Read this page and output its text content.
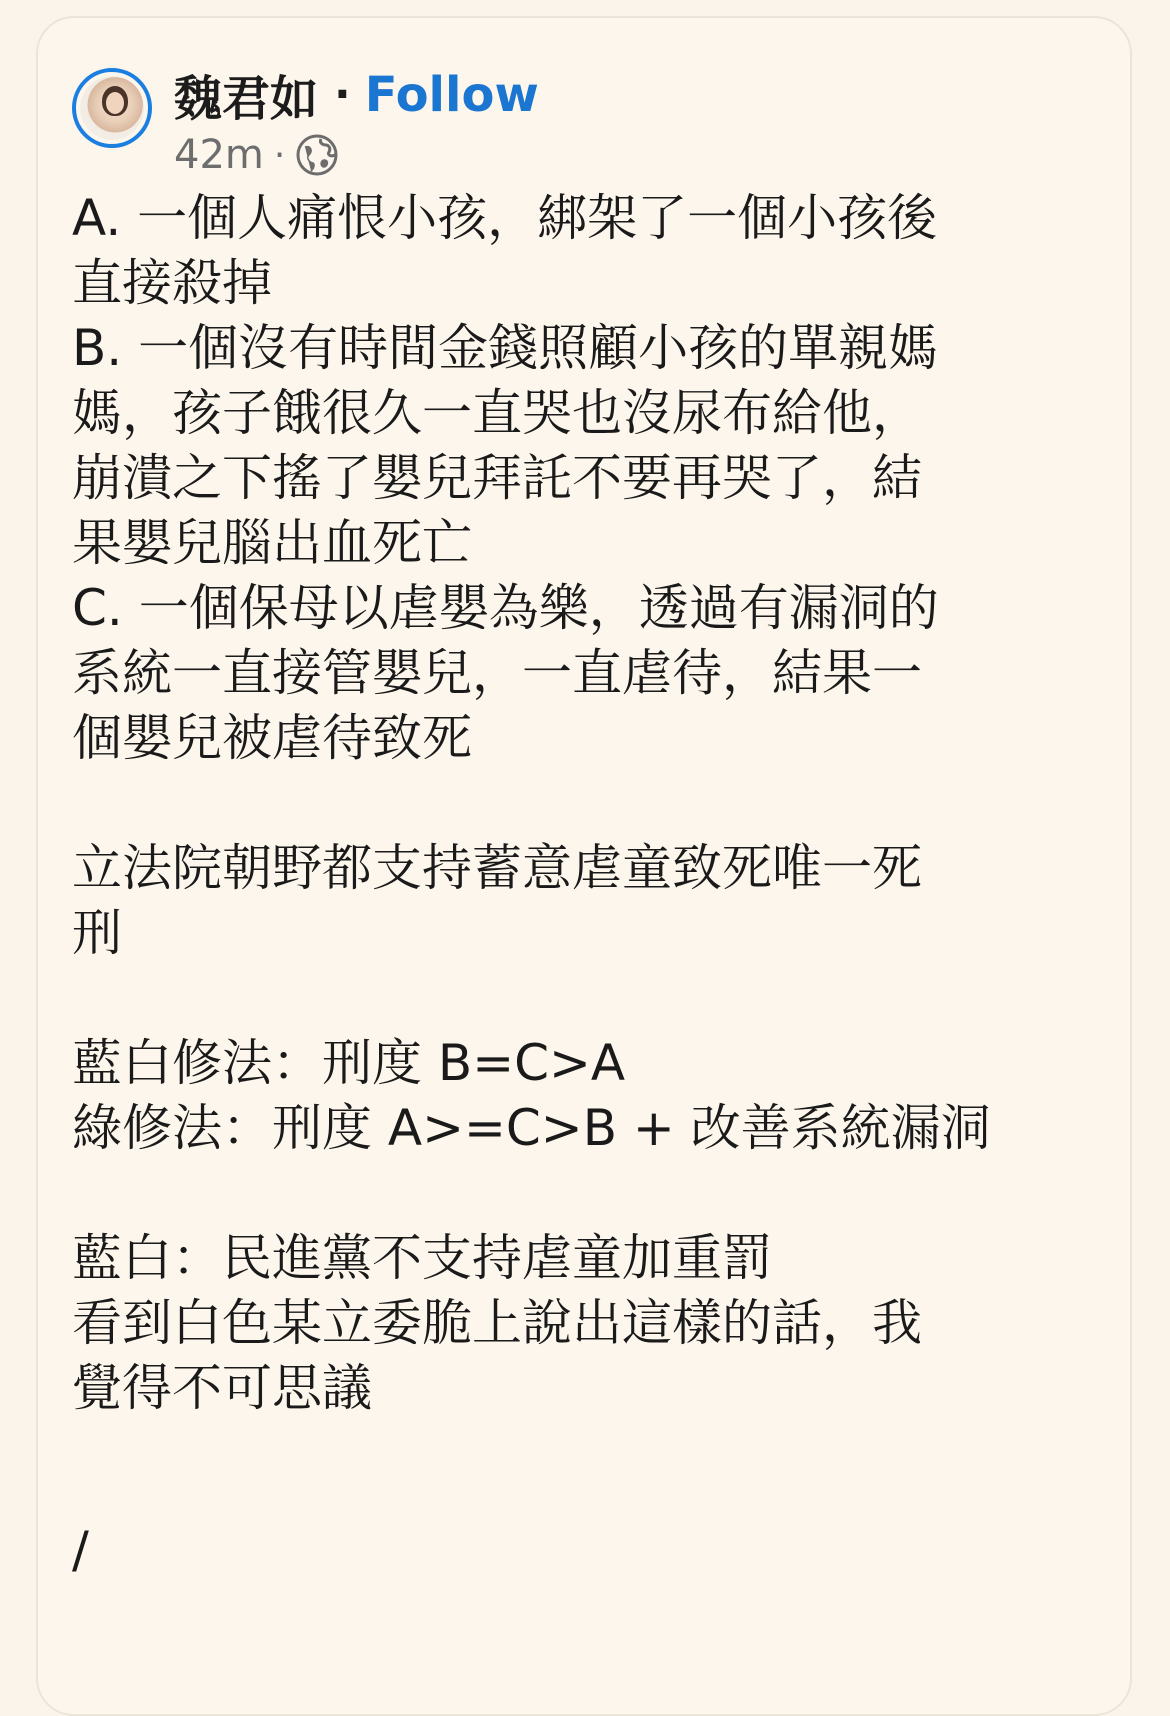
魏君如 · Follow
42m ·

A. 一個人痛恨小孩，綁架了一個小孩後

直接殺掉

B. 一個沒有時間金錢照顧小孩的單親媽

媽，孩子餓很久一直哭也沒尿布給他，

崩潰之下搖了嬰兒拜託不要再哭了，結

果嬰兒腦出血死亡

C. 一個保母以虐嬰為樂，透過有漏洞的

系統一直接管嬰兒，一直虐待，結果一

個嬰兒被虐待致死

立法院朝野都支持蓄意虐童致死唯一死

刑

藍白修法：刑度 B=C>A

綠修法：刑度 A>=C>B + 改善系統漏洞

藍白：民進黨不支持虐童加重罰

看到白色某立委脆上說出這樣的話，我

覺得不可思議

/
